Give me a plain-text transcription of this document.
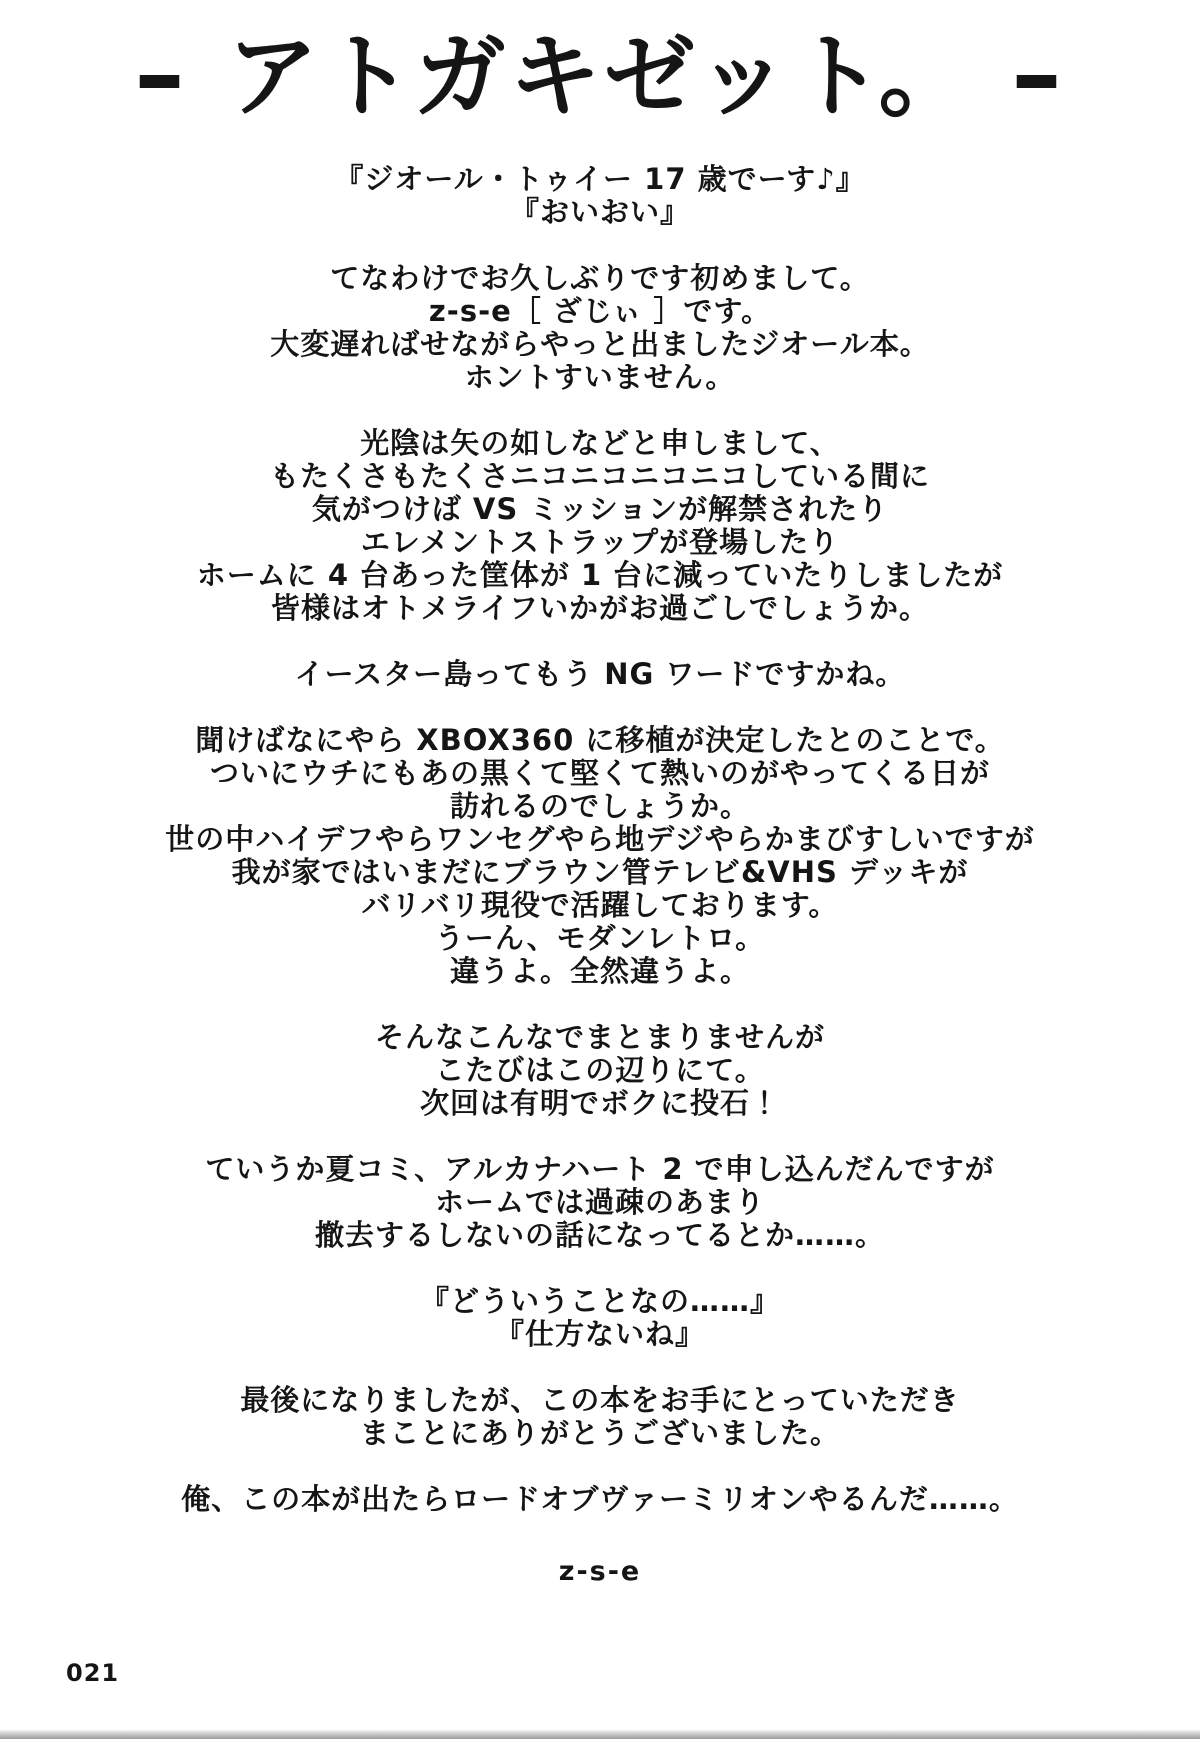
- アトガキゼット。 -
『ジオール・トゥイー 17 歳でーす♪』
『おいおい』
てなわけでお久しぶりです初めまして。
z-s-e［ ざじぃ ］です。
大変遅ればせながらやっと出ましたジオール本。
ホントすいません。
光陰は矢の如しなどと申しまして、
もたくさもたくさニコニコニコニコしている間に
気がつけば VS ミッションが解禁されたり
エレメントストラップが登場したり
ホームに 4 台あった筐体が 1 台に減っていたりしましたが
皆様はオトメライフいかがお過ごしでしょうか。
イースター島ってもう NG ワードですかね。
聞けばなにやら XBOX360 に移植が決定したとのことで。
ついにウチにもあの黒くて堅くて熱いのがやってくる日が
訪れるのでしょうか。
世の中ハイデフやらワンセグやら地デジやらかまびすしいですが
我が家ではいまだにブラウン管テレビ&VHS デッキが
バリバリ現役で活躍しております。
うーん、モダンレトロ。
違うよ。全然違うよ。
そんなこんなでまとまりませんが
こたびはこの辺りにて。
次回は有明でボクに投石！
ていうか夏コミ、アルカナハート 2 で申し込んだんですが
ホームでは過疎のあまり
撤去するしないの話になってるとか……。
『どういうことなの……』
『仕方ないね』
最後になりましたが、この本をお手にとっていただき
まことにありがとうございました。
俺、この本が出たらロードオブヴァーミリオンやるんだ……。
z-s-e
021
